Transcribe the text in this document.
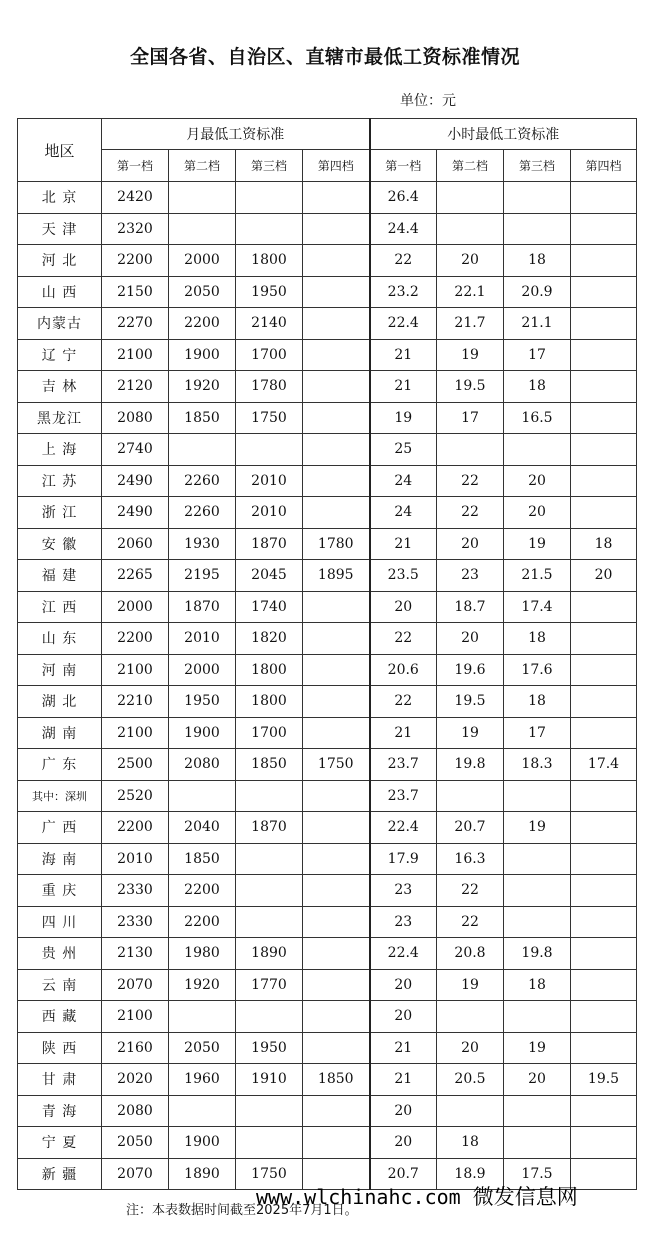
全国各省、自治区、直辖市最低工资标准情况
单位：元
地区	月最低工资标准				小时最低工资标准			
	第一档	第二档	第三档	第四档	第一档	第二档	第三档	第四档
北 京	2420				26.4			
天 津	2320				24.4			
河 北	2200	2000	1800		22	20	18	
山 西	2150	2050	1950		23.2	22.1	20.9	
内蒙古	2270	2200	2140		22.4	21.7	21.1	
辽 宁	2100	1900	1700		21	19	17	
吉 林	2120	1920	1780		21	19.5	18	
黑龙江	2080	1850	1750		19	17	16.5	
上 海	2740				25			
江 苏	2490	2260	2010		24	22	20	
浙 江	2490	2260	2010		24	22	20	
安 徽	2060	1930	1870	1780	21	20	19	18
福 建	2265	2195	2045	1895	23.5	23	21.5	20
江 西	2000	1870	1740		20	18.7	17.4	
山 东	2200	2010	1820		22	20	18	
河 南	2100	2000	1800		20.6	19.6	17.6	
湖 北	2210	1950	1800		22	19.5	18	
湖 南	2100	1900	1700		21	19	17	
广 东	2500	2080	1850	1750	23.7	19.8	18.3	17.4
其中：深圳	2520				23.7			
广 西	2200	2040	1870		22.4	20.7	19	
海 南	2010	1850			17.9	16.3		
重 庆	2330	2200			23	22		
四 川	2330	2200			23	22		
贵 州	2130	1980	1890		22.4	20.8	19.8	
云 南	2070	1920	1770		20	19	18	
西 藏	2100				20			
陕 西	2160	2050	1950		21	20	19	
甘 肃	2020	1960	1910	1850	21	20.5	20	19.5
青 海	2080				20			
宁 夏	2050	1900			20	18		
新 疆	2070	1890	1750		20.7	18.9	17.5	
注：本表数据时间截至2025年7月1日。
www.wlchinahc.com 微发信息网
